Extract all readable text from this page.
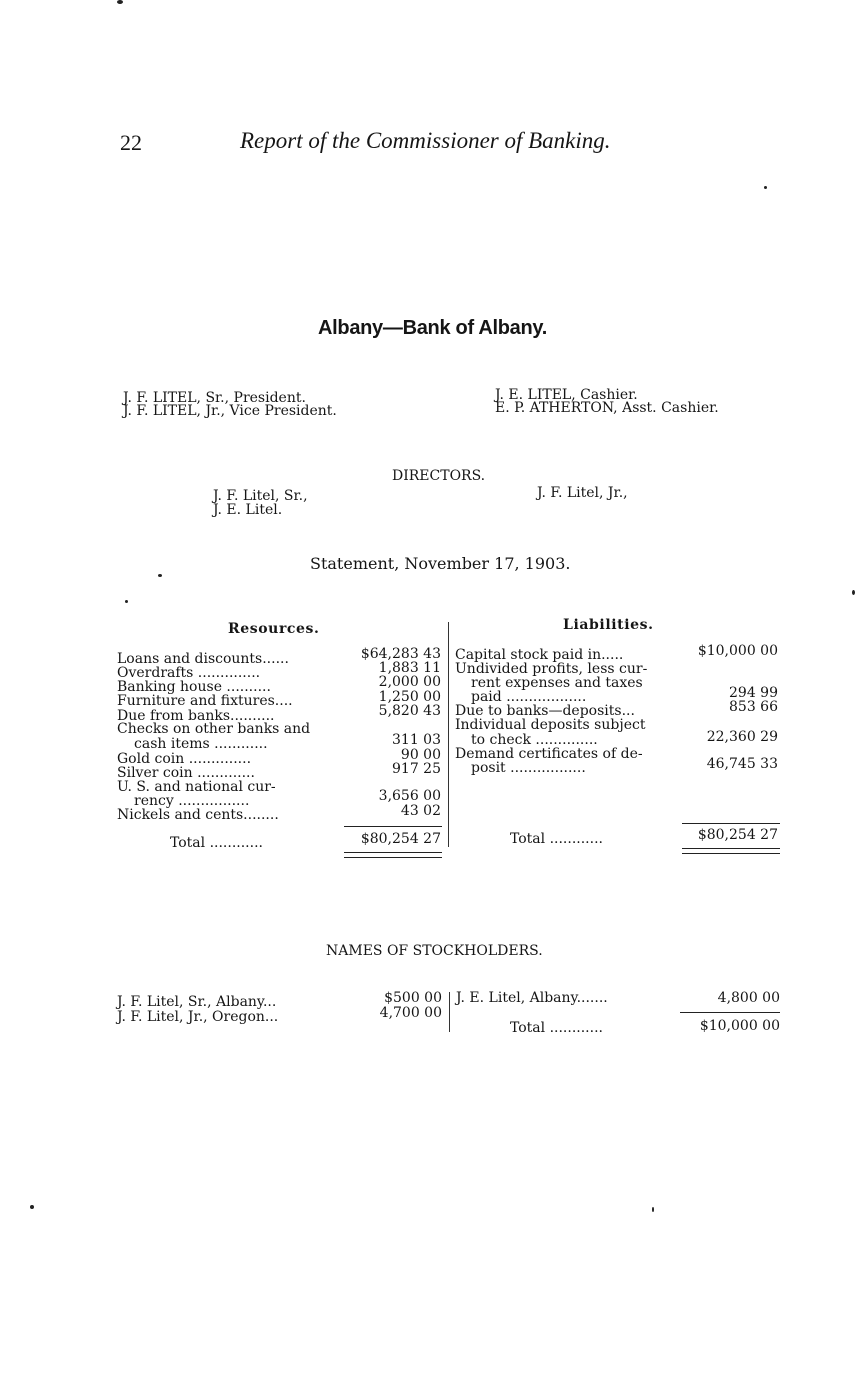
22	Report of the Commissioner of Banking.
Albany—Bank of Albany.
J. F. LITEL, Sr., President.
J. F. LITEL, Jr., Vice President.
J. E. LITEL, Cashier.
E. P. ATHERTON, Asst. Cashier.
DIRECTORS.
J. F. Litel, Sr.,	J. F. Litel, Jr.,
J. E. Litel.
Statement, November 17, 1903.
Resources.	Liabilities.
Loans and discounts......	$64,283 43
Overdrafts ..............	1,883 11
Banking house ..........	2,000 00
Furniture and fixtures....	1,250 00
Due from banks..........	5,820 43
Checks on other banks and
cash items ............	311 03
Gold coin ..............	90 00
Silver coin .............	917 25
U. S. and national cur-
rency ................	3,656 00
Nickels and cents........	43 02
Total ............	$80,254 27
Capital stock paid in.....	$10,000 00
Undivided profits, less cur-
rent expenses and taxes
paid ..................	294 99
Due to banks—deposits...	853 66
Individual deposits subject
to check ..............	22,360 29
Demand certificates of de-
posit .................	46,745 33
Total ............	$80,254 27
NAMES OF STOCKHOLDERS.
J. F. Litel, Sr., Albany...	$500 00
J. F. Litel, Jr., Oregon...	4,700 00
J. E. Litel, Albany.......	4,800 00
Total ............	$10,000 00
